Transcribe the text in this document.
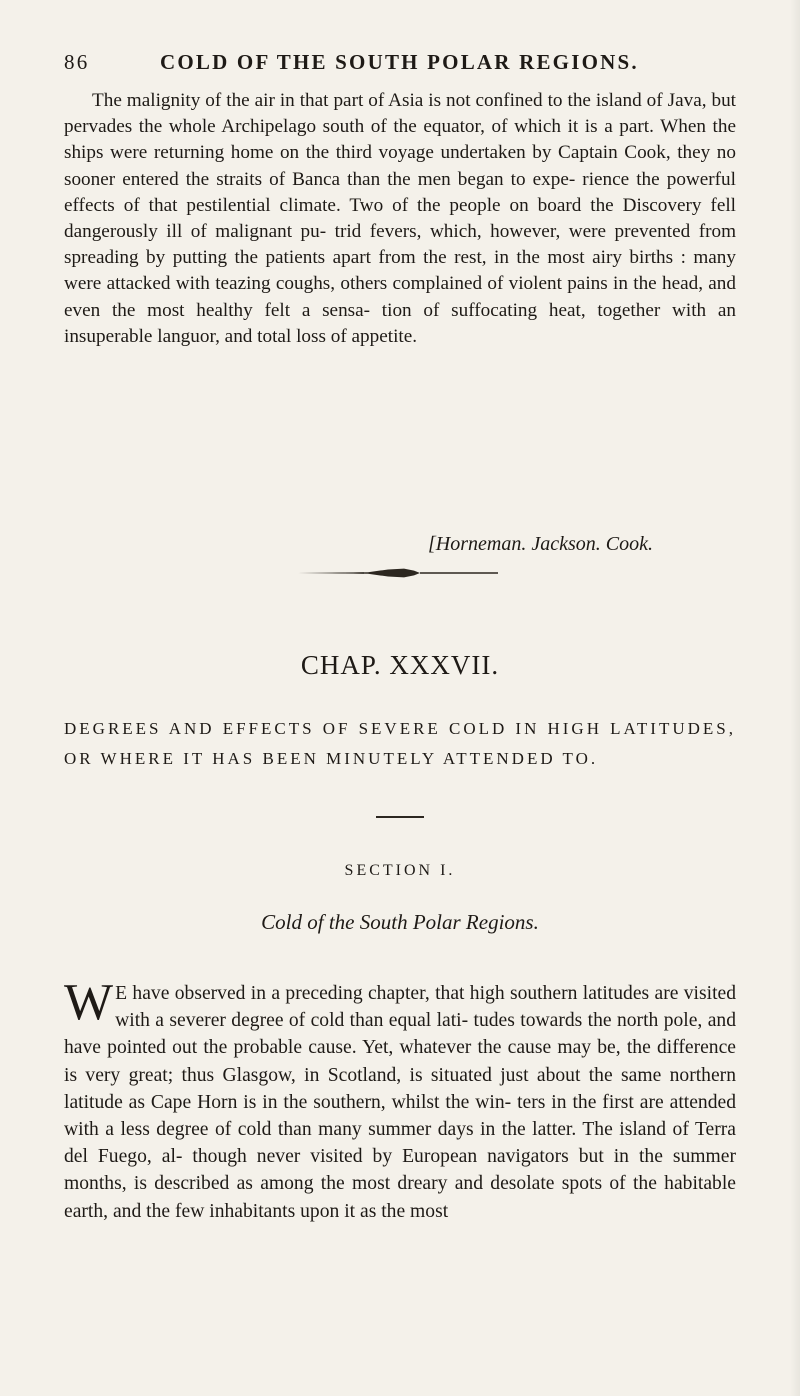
86	COLD OF THE SOUTH POLAR REGIONS.

The malignity of the air in that part of Asia is not confined to the island of Java, but pervades the whole Archipelago south of the equator, of which it is a part. When the ships were returning home on the third voyage undertaken by Captain Cook, they no sooner entered the straits of Banca than the men began to expe- rience the powerful effects of that pestilential climate. Two of the people on board the Discovery fell dangerously ill of malignant pu- trid fevers, which, however, were prevented from spreading by putting the patients apart from the rest, in the most airy births : many were attacked with teazing coughs, others complained of violent pains in the head, and even the most healthy felt a sensa- tion of suffocating heat, together with an insuperable languor, and total loss of appetite.

[Horneman. Jackson. Cook.
CHAP. XXXVII.
DEGREES AND EFFECTS OF SEVERE COLD IN HIGH LATITUDES, OR WHERE IT HAS BEEN MINUTELY ATTENDED TO.
SECTION I.
Cold of the South Polar Regions.

W E have observed in a preceding chapter, that high southern latitudes are visited with a severer degree of cold than equal lati- tudes towards the north pole, and have pointed out the probable cause. Yet, whatever the cause may be, the difference is very great; thus Glasgow, in Scotland, is situated just about the same northern latitude as Cape Horn is in the southern, whilst the win- ters in the first are attended with a less degree of cold than many summer days in the latter. The island of Terra del Fuego, al- though never visited by European navigators but in the summer months, is described as among the most dreary and desolate spots of the habitable earth, and the few inhabitants upon it as the most
